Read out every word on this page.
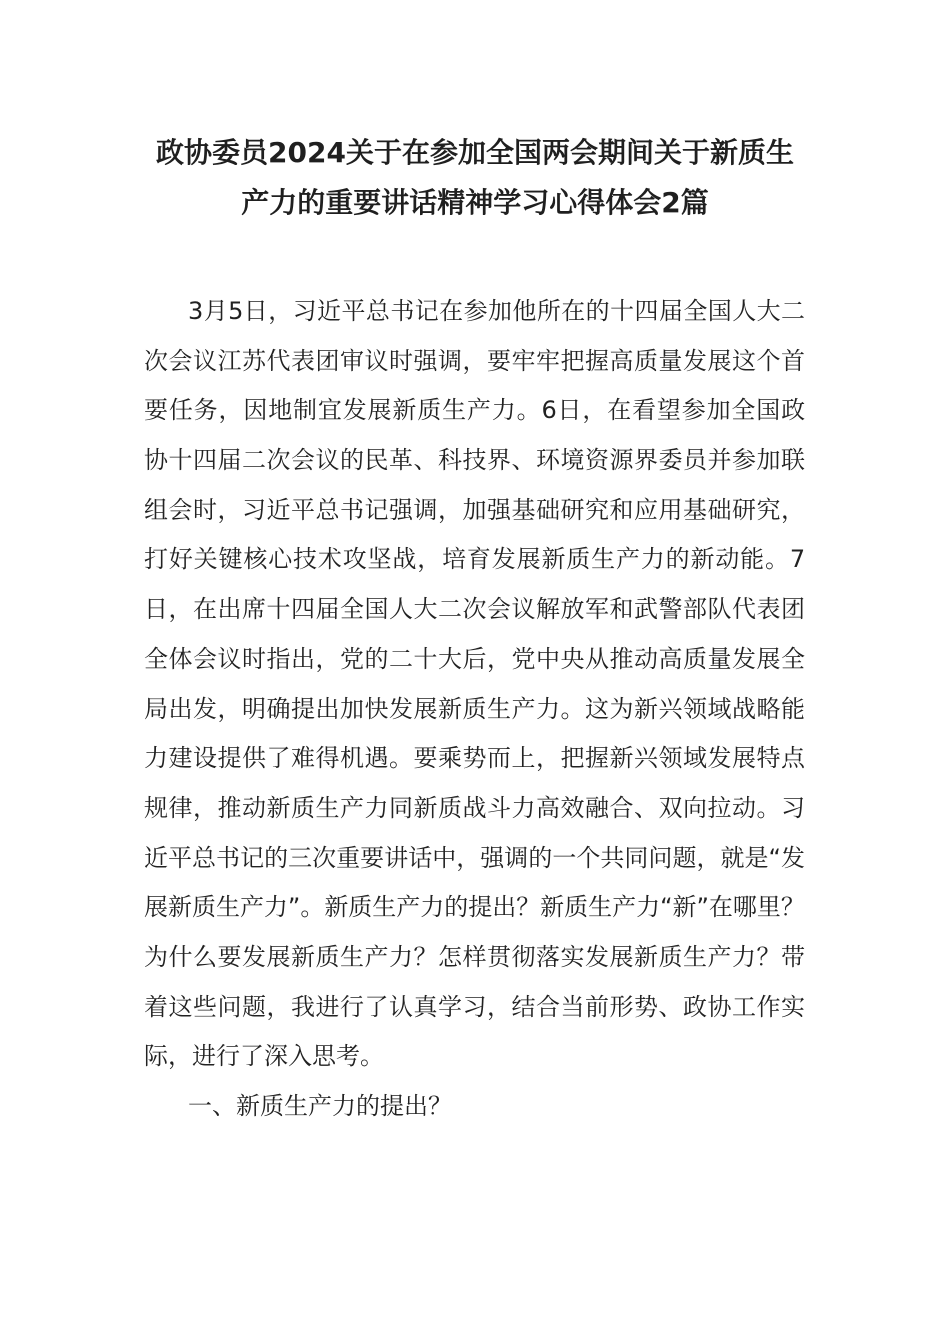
政协委员2024关于在参加全国两会期间关于新质生
产力的重要讲话精神学习心得体会2篇
3月5日，习近平总书记在参加他所在的十四届全国人大二
次会议江苏代表团审议时强调，要牢牢把握高质量发展这个首
要任务，因地制宜发展新质生产力。6日，在看望参加全国政
协十四届二次会议的民革、科技界、环境资源界委员并参加联
组会时，习近平总书记强调，加强基础研究和应用基础研究，
打好关键核心技术攻坚战，培育发展新质生产力的新动能。7
日，在出席十四届全国人大二次会议解放军和武警部队代表团
全体会议时指出，党的二十大后，党中央从推动高质量发展全
局出发，明确提出加快发展新质生产力。这为新兴领域战略能
力建设提供了难得机遇。要乘势而上，把握新兴领域发展特点
规律，推动新质生产力同新质战斗力高效融合、双向拉动。习
近平总书记的三次重要讲话中，强调的一个共同问题，就是“发
展新质生产力”。新质生产力的提出？新质生产力“新”在哪里？
为什么要发展新质生产力？怎样贯彻落实发展新质生产力？带
着这些问题，我进行了认真学习，结合当前形势、政协工作实
际，进行了深入思考。
一、新质生产力的提出？
